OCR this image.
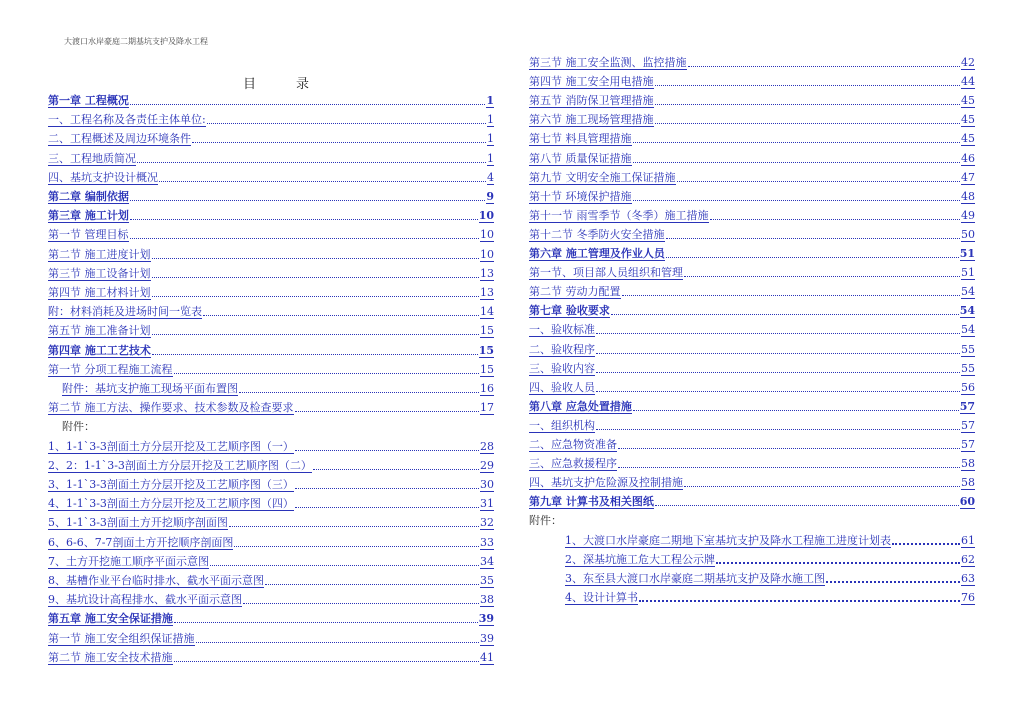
大渡口水岸豪庭二期基坑支护及降水工程
目录
第一章 工程概况	1
一、工程名称及各责任主体单位:	1
二、工程概述及周边环境条件	1
三、工程地质简况	1
四、基坑支护设计概况	4
第二章 编制依据	9
第三章 施工计划	10
第一节 管理目标	10
第二节 施工进度计划	10
第三节 施工设备计划	13
第四节 施工材料计划	13
附：材料消耗及进场时间一览表	14
第五节 施工准备计划	15
第四章 施工工艺技术	15
第一节 分项工程施工流程	15
附件：基坑支护施工现场平面布置图	16
第二节 施工方法、操作要求、技术参数及检查要求	17
附件：
1、1-1`3-3剖面土方分层开挖及工艺顺序图（一）	28
2、2：1-1`3-3剖面土方分层开挖及工艺顺序图（二）	29
3、1-1`3-3剖面土方分层开挖及工艺顺序图（三）	30
4、1-1`3-3剖面土方分层开挖及工艺顺序图（四）	31
5、1-1`3-3剖面土方开挖顺序剖面图	32
6、6-6、7-7剖面土方开挖顺序剖面图	33
7、土方开挖施工顺序平面示意图	34
8、基槽作业平台临时排水、截水平面示意图	35
9、基坑设计高程排水、截水平面示意图	38
第五章 施工安全保证措施	39
第一节 施工安全组织保证措施	39
第二节 施工安全技术措施	41
第三节 施工安全监测、监控措施	42
第四节 施工安全用电措施	44
第五节 消防保卫管理措施	45
第六节 施工现场管理措施	45
第七节 料具管理措施	45
第八节 质量保证措施	46
第九节 文明安全施工保证措施	47
第十节 环境保护措施	48
第十一节 雨雪季节（冬季）施工措施	49
第十二节 冬季防火安全措施	50
第六章 施工管理及作业人员	51
第一节、项目部人员组织和管理	51
第二节 劳动力配置	54
第七章 验收要求	54
一、验收标准	54
二、验收程序	55
三、验收内容	55
四、验收人员	56
第八章 应急处置措施	57
一、组织机构	57
二、应急物资准备	57
三、应急救援程序	58
四、基坑支护危险源及控制措施	58
第九章 计算书及相关图纸	60
附件：
1、大渡口水岸豪庭二期地下室基坑支护及降水工程施工进度计划表	61
2、深基坑施工危大工程公示牌	62
3、东至县大渡口水岸豪庭二期基坑支护及降水施工图	63
4、设计计算书	76
